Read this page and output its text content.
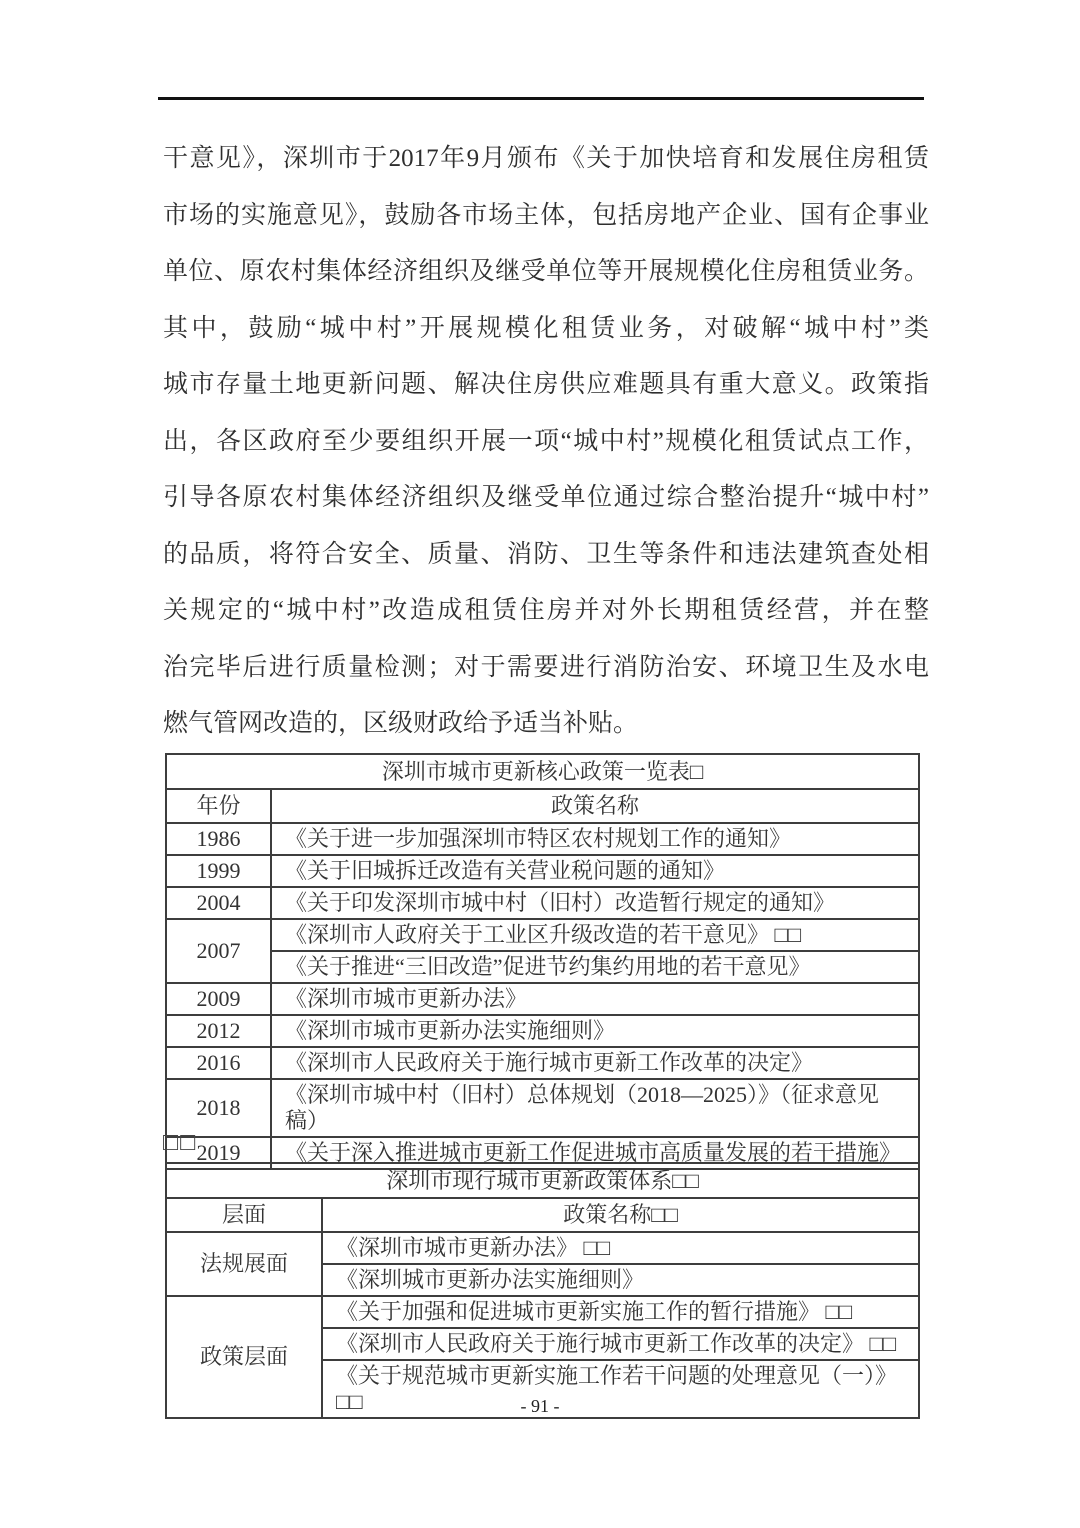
干意见》，深圳市于2017年9月颁布《关于加快培育和发展住房租赁
市场的实施意见》，鼓励各市场主体，包括房地产企业、国有企事业
单位、原农村集体经济组织及继受单位等开展规模化住房租赁业务。
其中，鼓励“城中村”开展规模化租赁业务，对破解“城中村”类
城市存量土地更新问题、解决住房供应难题具有重大意义。政策指
出，各区政府至少要组织开展一项“城中村”规模化租赁试点工作，
引导各原农村集体经济组织及继受单位通过综合整治提升“城中村”
的品质，将符合安全、质量、消防、卫生等条件和违法建筑查处相
关规定的“城中村”改造成租赁住房并对外长期租赁经营，并在整
治完毕后进行质量检测；对于需要进行消防治安、环境卫生及水电
燃气管网改造的，区级财政给予适当补贴。
深圳市城市更新核心政策一览表□	
年份	政策名称
1986	《关于进一步加强深圳市特区农村规划工作的通知》
1999	《关于旧城拆迁改造有关营业税问题的通知》
2004	《关于印发深圳市城中村（旧村）改造暂行规定的通知》
2007	《深圳市人政府关于工业区升级改造的若干意见》 □□
	《关于推进“三旧改造”促进节约集约用地的若干意见》
2009	《深圳市城市更新办法》
2012	《深圳市城市更新办法实施细则》
2016	《深圳市人民政府关于施行城市更新工作改革的决定》
2018	《深圳市城中村（旧村）总体规划（2018—2025）》（征求意见稿）
2019	《关于深入推进城市更新工作促进城市高质量发展的若干措施》
□□
深圳市现行城市更新政策体系□□	
层面	政策名称□□
法规展面	《深圳市城市更新办法》 □□
	《深圳城市更新办法实施细则》
政策层面	《关于加强和促进城市更新实施工作的暂行措施》 □□
	《深圳市人民政府关于施行城市更新工作改革的决定》 □□
	《关于规范城市更新实施工作若干问题的处理意见（一）》 □□	- 91 -
